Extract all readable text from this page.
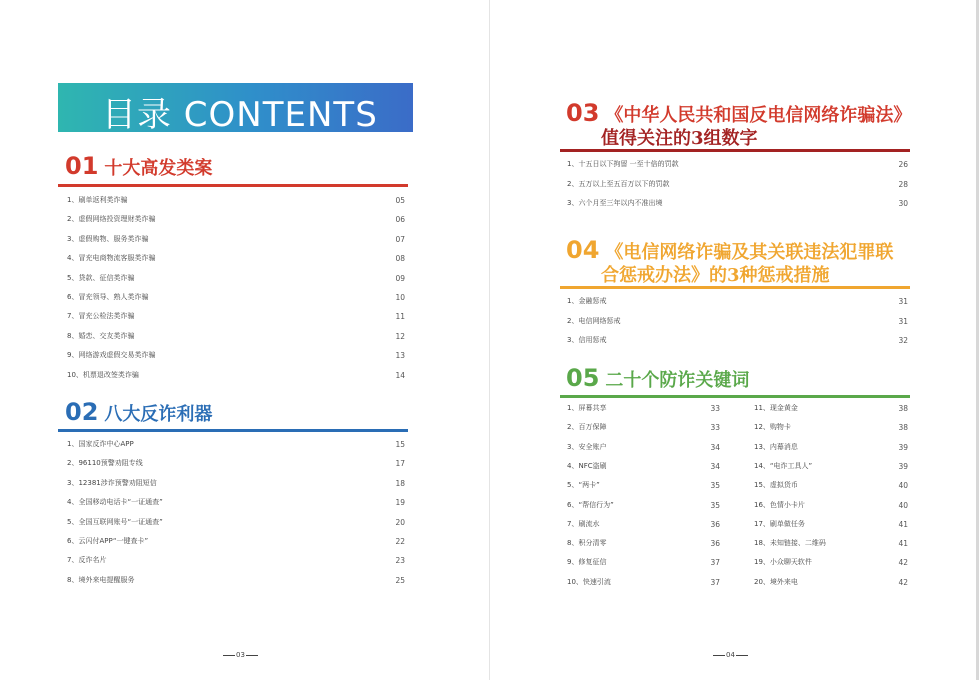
目录 CONTENTS
01 十大高发类案
1、刷单返利类诈骗	05
2、虚假网络投资理财类诈骗	06
3、虚假购物、服务类诈骗	07
4、冒充电商物流客服类诈骗	08
5、贷款、征信类诈骗	09
6、冒充领导、熟人类诈骗	10
7、冒充公检法类诈骗	11
8、婚恋、交友类诈骗	12
9、网络游戏虚假交易类诈骗	13
10、机票退改签类诈骗	14
02 八大反诈利器
1、国家反诈中心APP	15
2、96110预警劝阻专线	17
3、12381涉诈预警劝阻短信	18
4、全国移动电话卡“一证通查”	19
5、全国互联网账号“一证通查”	20
6、云闪付APP“一键查卡”	22
7、反诈名片	23
8、境外来电提醒服务	25
03 《中华人民共和国反电信网络诈骗法》
值得关注的3组数字
1、十五日以下拘留 一至十倍的罚款	26
2、五万以上至五百万以下的罚款	28
3、六个月至三年以内不准出境	30
04 《电信网络诈骗及其关联违法犯罪联
合惩戒办法》的3种惩戒措施
1、金融惩戒	31
2、电信网络惩戒	31
3、信用惩戒	32
05 二十个防诈关键词
1、屏幕共享	33
2、百万保障	33
3、安全账户	34
4、NFC盗刷	34
5、“两卡”	35
6、“帮信行为”	35
7、刷流水	36
8、积分清零	36
9、修复征信	37
10、快速引流	37
11、现金黄金	38
12、购物卡	38
13、内幕消息	39
14、“电诈工具人”	39
15、虚拟货币	40
16、色情小卡片	40
17、刷单做任务	41
18、未知链接、二维码	41
19、小众聊天软件	42
20、境外来电	42
03	04
